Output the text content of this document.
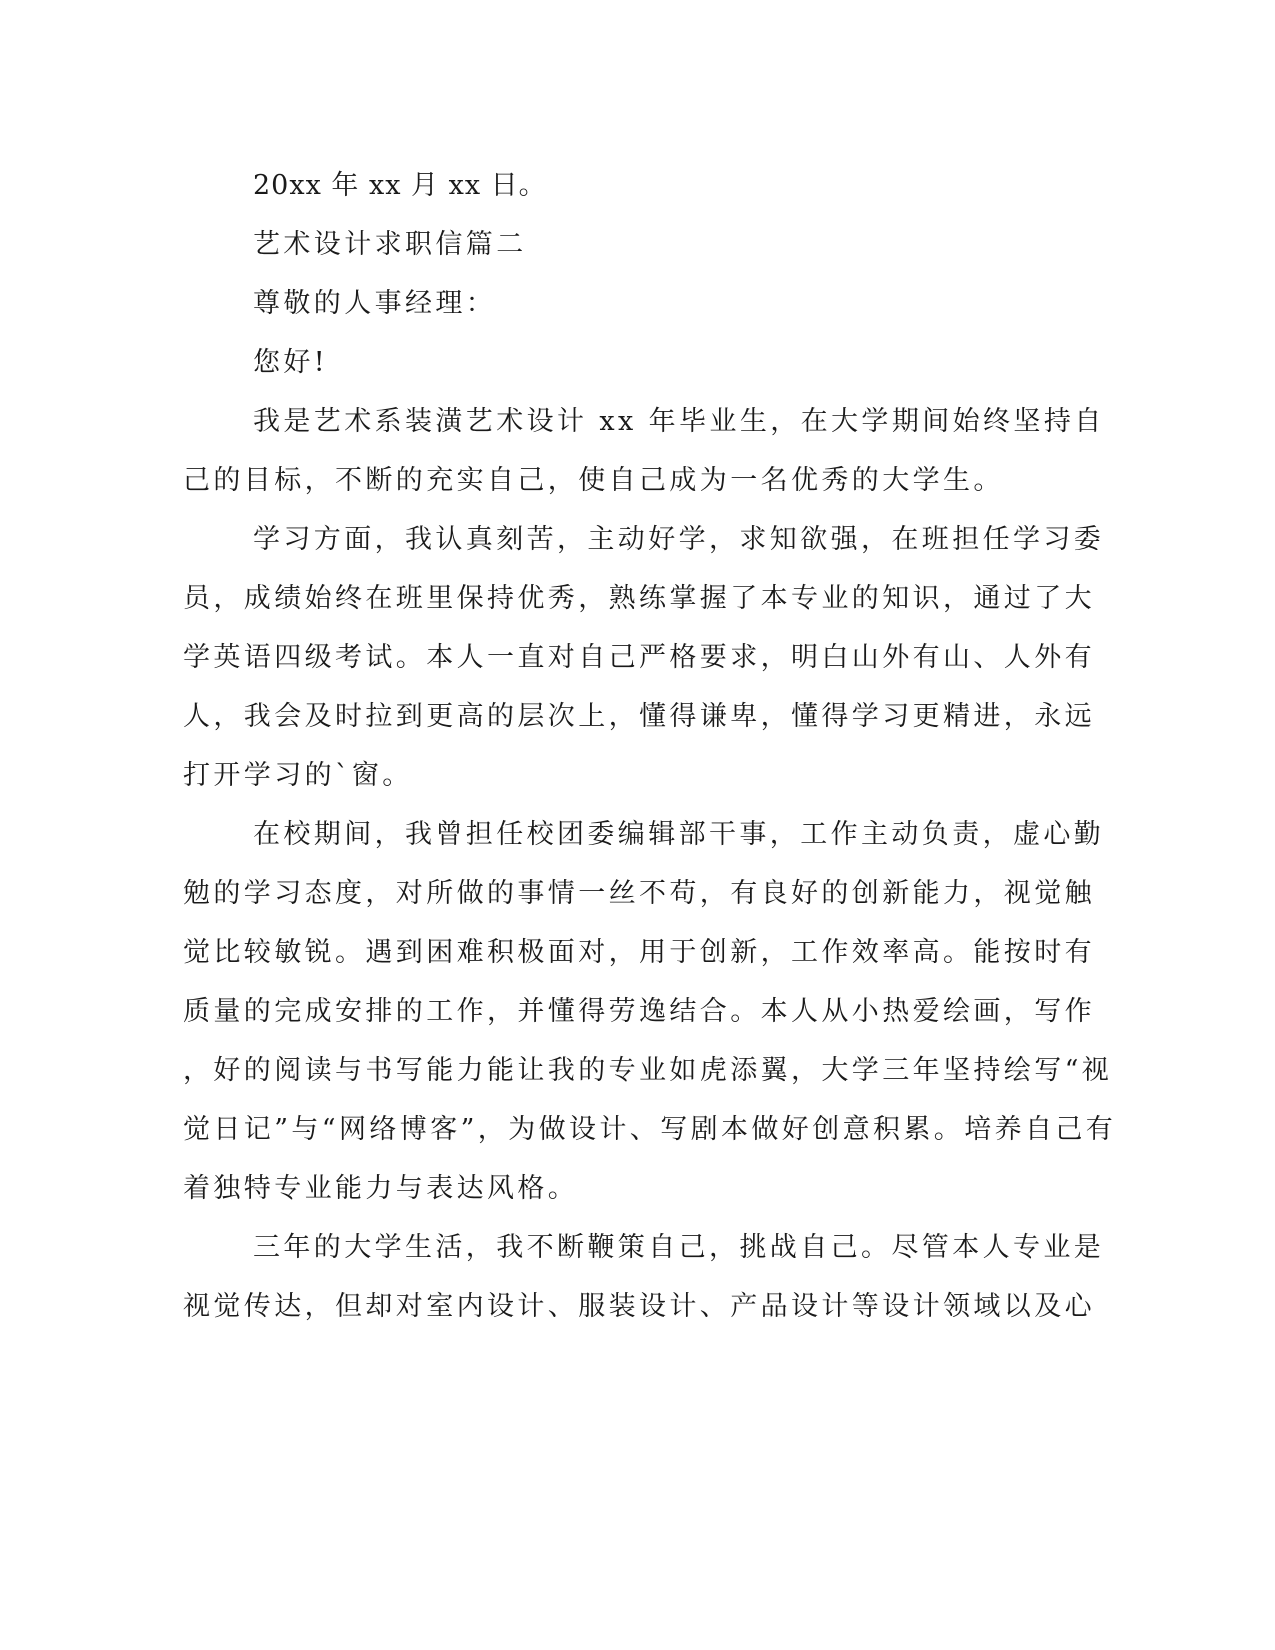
20xx 年 xx 月 xx 日。
艺术设计求职信篇二
尊敬的人事经理：
您好!
我是艺术系装潢艺术设计 xx 年毕业生，在大学期间始终坚持自
己的目标，不断的充实自己，使自己成为一名优秀的大学生。
学习方面，我认真刻苦，主动好学，求知欲强，在班担任学习委
员，成绩始终在班里保持优秀，熟练掌握了本专业的知识，通过了大
学英语四级考试。本人一直对自己严格要求，明白山外有山、人外有
人，我会及时拉到更高的层次上，懂得谦卑，懂得学习更精进，永远
打开学习的`窗。
在校期间，我曾担任校团委编辑部干事，工作主动负责，虚心勤
勉的学习态度，对所做的事情一丝不苟，有良好的创新能力，视觉触
觉比较敏锐。遇到困难积极面对，用于创新，工作效率高。能按时有
质量的完成安排的工作，并懂得劳逸结合。本人从小热爱绘画，写作
，好的阅读与书写能力能让我的专业如虎添翼，大学三年坚持绘写“视
觉日记”与“网络博客”，为做设计、写剧本做好创意积累。培养自己有
着独特专业能力与表达风格。
三年的大学生活，我不断鞭策自己，挑战自己。尽管本人专业是
视觉传达，但却对室内设计、服装设计、产品设计等设计领域以及心
